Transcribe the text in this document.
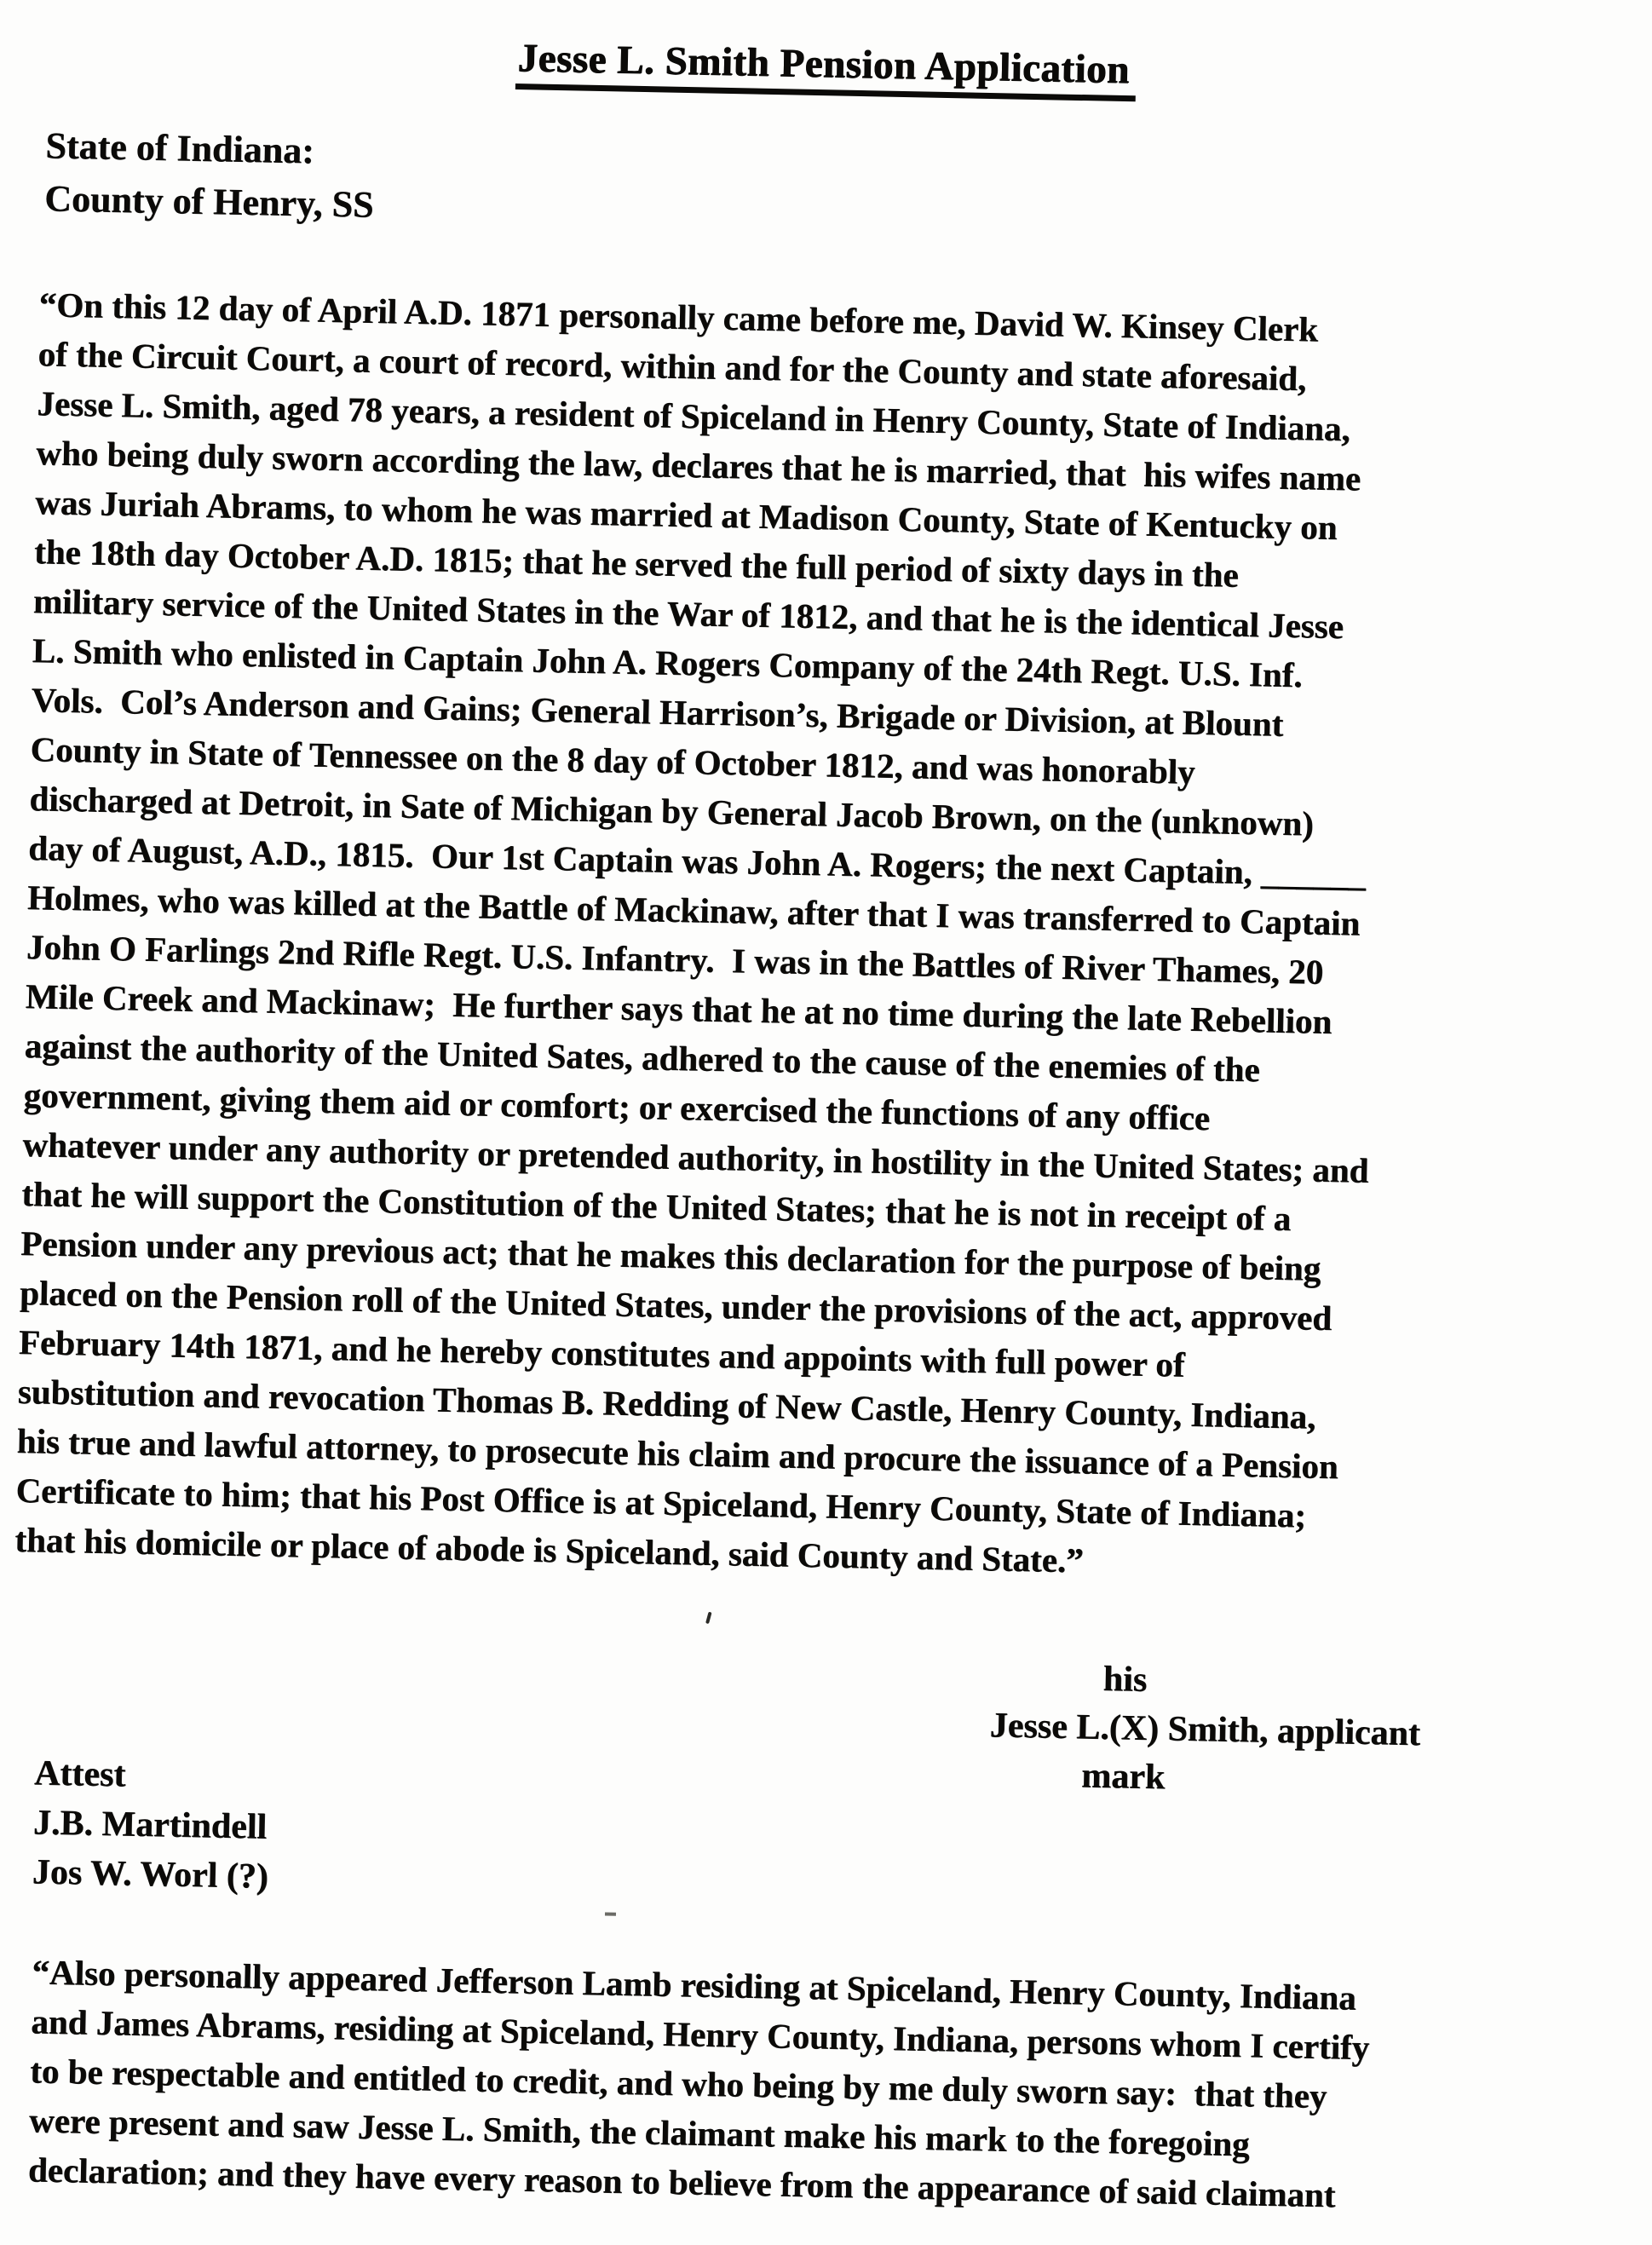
Jesse L. Smith Pension Application
State of Indiana:
County of Henry, SS
“On this 12 day of April A.D. 1871 personally came before me, David W. Kinsey Clerk
of the Circuit Court, a court of record, within and for the County and state aforesaid,
Jesse L. Smith, aged 78 years, a resident of Spiceland in Henry County, State of Indiana,
who being duly sworn according the law, declares that he is married, that  his wifes name
was Juriah Abrams, to whom he was married at Madison County, State of Kentucky on
the 18th day October A.D. 1815; that he served the full period of sixty days in the
military service of the United States in the War of 1812, and that he is the identical Jesse
L. Smith who enlisted in Captain John A. Rogers Company of the 24th Regt. U.S. Inf.
Vols.  Col’s Anderson and Gains; General Harrison’s, Brigade or Division, at Blount
County in State of Tennessee on the 8 day of October 1812, and was honorably
discharged at Detroit, in Sate of Michigan by General Jacob Brown, on the (unknown)
day of August, A.D., 1815.  Our 1st Captain was John A. Rogers; the next Captain, ______
Holmes, who was killed at the Battle of Mackinaw, after that I was transferred to Captain
John O Farlings 2nd Rifle Regt. U.S. Infantry.  I was in the Battles of River Thames, 20
Mile Creek and Mackinaw;  He further says that he at no time during the late Rebellion
against the authority of the United Sates, adhered to the cause of the enemies of the
government, giving them aid or comfort; or exercised the functions of any office
whatever under any authority or pretended authority, in hostility in the United States; and
that he will support the Constitution of the United States; that he is not in receipt of a
Pension under any previous act; that he makes this declaration for the purpose of being
placed on the Pension roll of the United States, under the provisions of the act, approved
February 14th 1871, and he hereby constitutes and appoints with full power of
substitution and revocation Thomas B. Redding of New Castle, Henry County, Indiana,
his true and lawful attorney, to prosecute his claim and procure the issuance of a Pension
Certificate to him; that his Post Office is at Spiceland, Henry County, State of Indiana;
that his domicile or place of abode is Spiceland, said County and State.”
his
Jesse L.(X) Smith, applicant
mark
Attest
J.B. Martindell
Jos W. Worl (?)
“Also personally appeared Jefferson Lamb residing at Spiceland, Henry County, Indiana
and James Abrams, residing at Spiceland, Henry County, Indiana, persons whom I certify
to be respectable and entitled to credit, and who being by me duly sworn say:  that they
were present and saw Jesse L. Smith, the claimant make his mark to the foregoing
declaration; and they have every reason to believe from the appearance of said claimant
